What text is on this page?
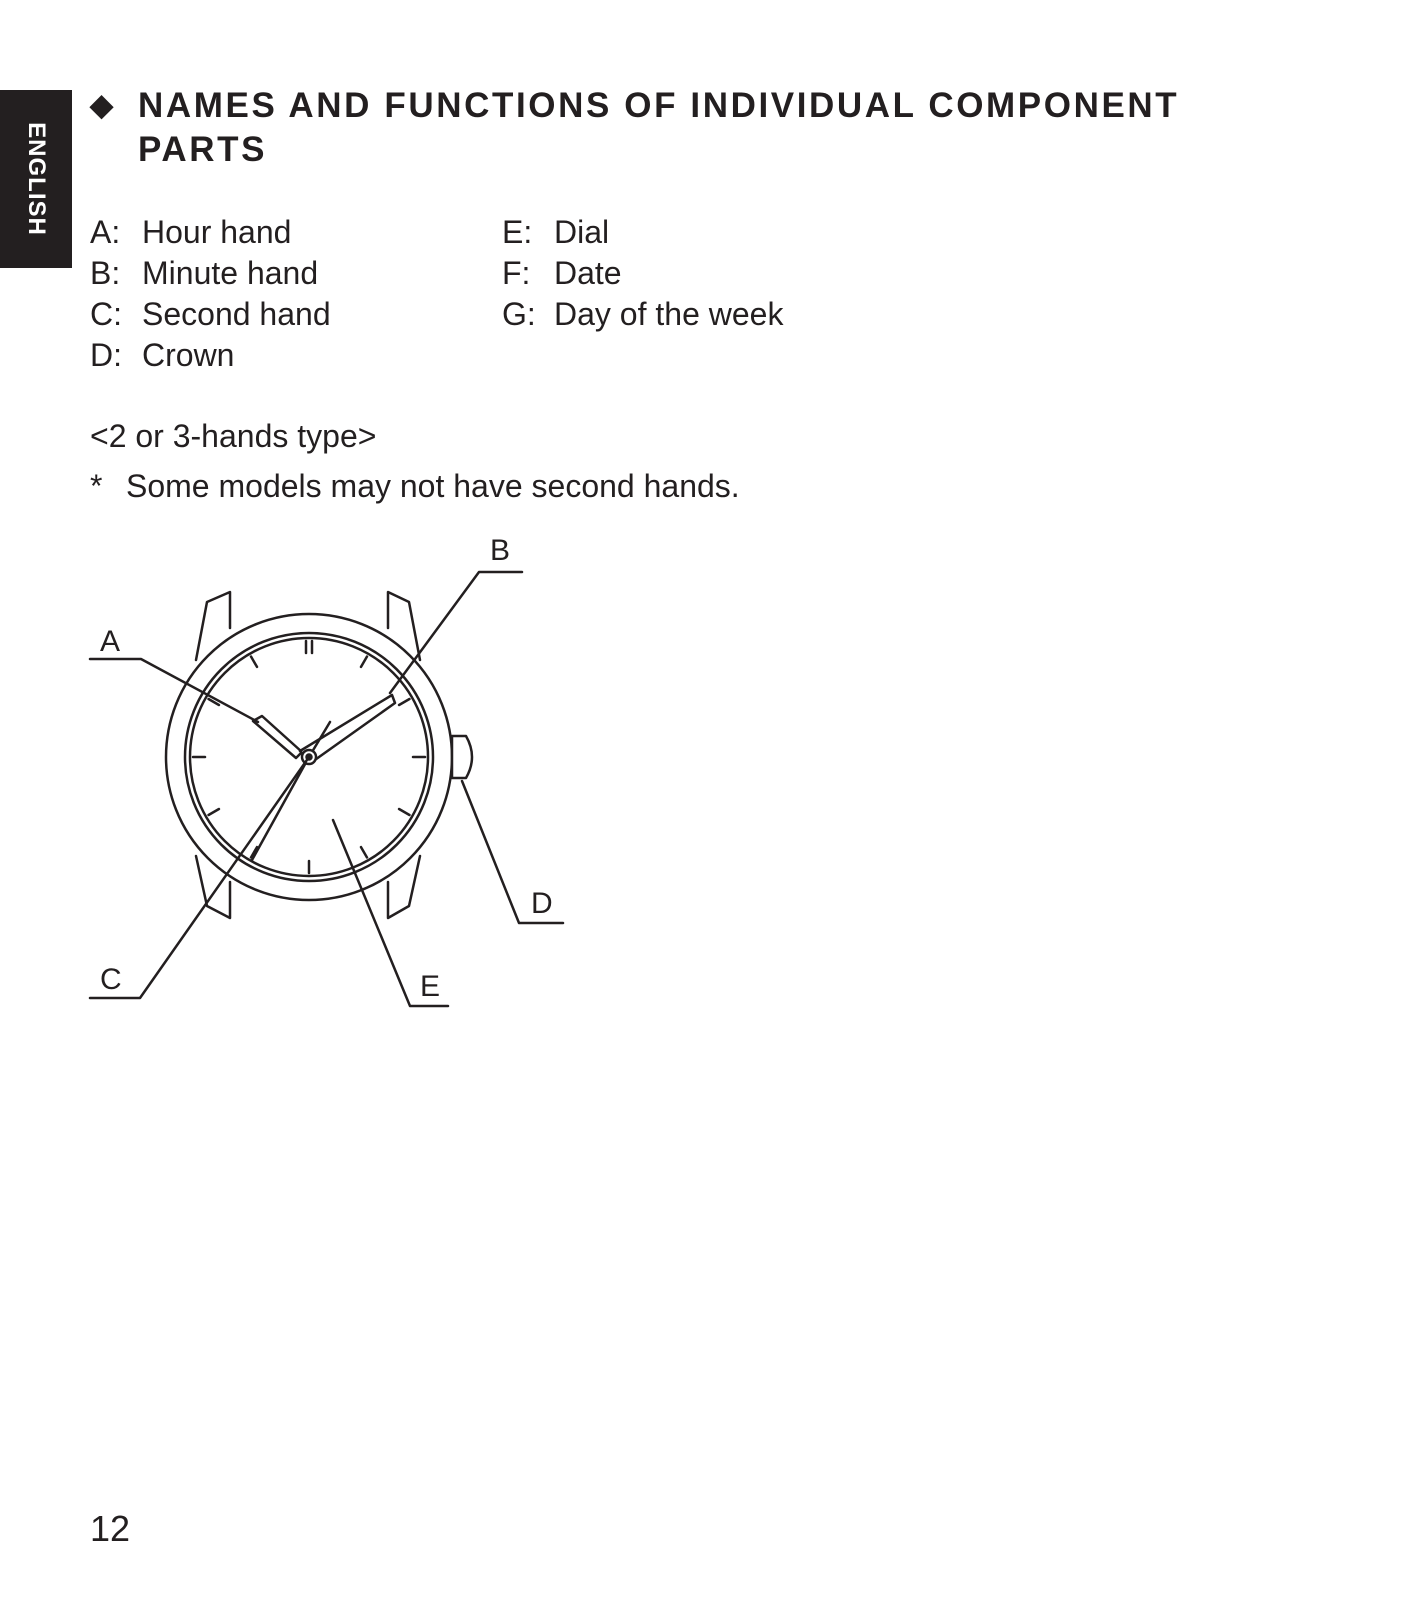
ENGLISH
◆ NAMES AND FUNCTIONS OF INDIVIDUAL COMPONENT
PARTS
A: Hour hand
B: Minute hand
C: Second hand
D: Crown
E: Dial
F: Date
G: Day of the week
<2 or 3-hands type>
* Some models may not have second hands.
A
B
C
D
E
12
